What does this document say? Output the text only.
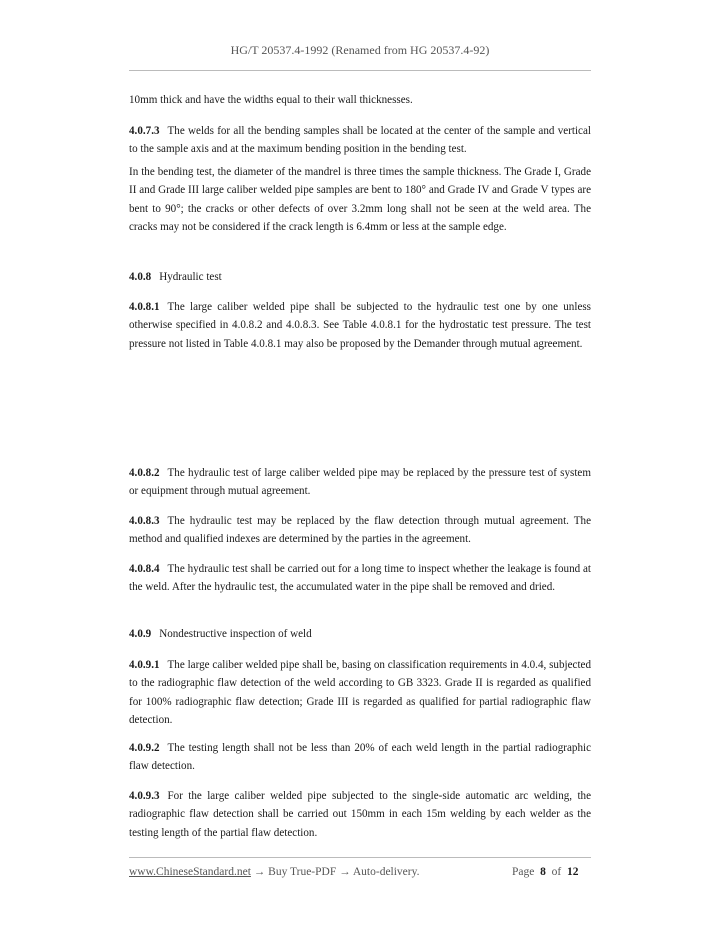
HG/T 20537.4-1992 (Renamed from HG 20537.4-92)

10mm thick and have the widths equal to their wall thicknesses.

4.0.7.3 The welds for all the bending samples shall be located at the center of the sample and vertical to the sample axis and at the maximum bending position in the bending test.

In the bending test, the diameter of the mandrel is three times the sample thickness. The Grade I, Grade II and Grade III large caliber welded pipe samples are bent to 180° and Grade IV and Grade V types are bent to 90°; the cracks or other defects of over 3.2mm long shall not be seen at the weld area. The cracks may not be considered if the crack length is 6.4mm or less at the sample edge.

4.0.8 Hydraulic test

4.0.8.1 The large caliber welded pipe shall be subjected to the hydraulic test one by one unless otherwise specified in 4.0.8.2 and 4.0.8.3. See Table 4.0.8.1 for the hydrostatic test pressure. The test pressure not listed in Table 4.0.8.1 may also be proposed by the Demander through mutual agreement.

4.0.8.2 The hydraulic test of large caliber welded pipe may be replaced by the pressure test of system or equipment through mutual agreement.

4.0.8.3 The hydraulic test may be replaced by the flaw detection through mutual agreement. The method and qualified indexes are determined by the parties in the agreement.

4.0.8.4 The hydraulic test shall be carried out for a long time to inspect whether the leakage is found at the weld. After the hydraulic test, the accumulated water in the pipe shall be removed and dried.

4.0.9 Nondestructive inspection of weld

4.0.9.1 The large caliber welded pipe shall be, basing on classification requirements in 4.0.4, subjected to the radiographic flaw detection of the weld according to GB 3323. Grade II is regarded as qualified for 100% radiographic flaw detection; Grade III is regarded as qualified for partial radiographic flaw detection.

4.0.9.2 The testing length shall not be less than 20% of each weld length in the partial radiographic flaw detection.

4.0.9.3 For the large caliber welded pipe subjected to the single-side automatic arc welding, the radiographic flaw detection shall be carried out 150mm in each 15m welding by each welder as the testing length of the partial flaw detection.

www.ChineseStandard.net → Buy True-PDF → Auto-delivery.	Page 8 of 12
